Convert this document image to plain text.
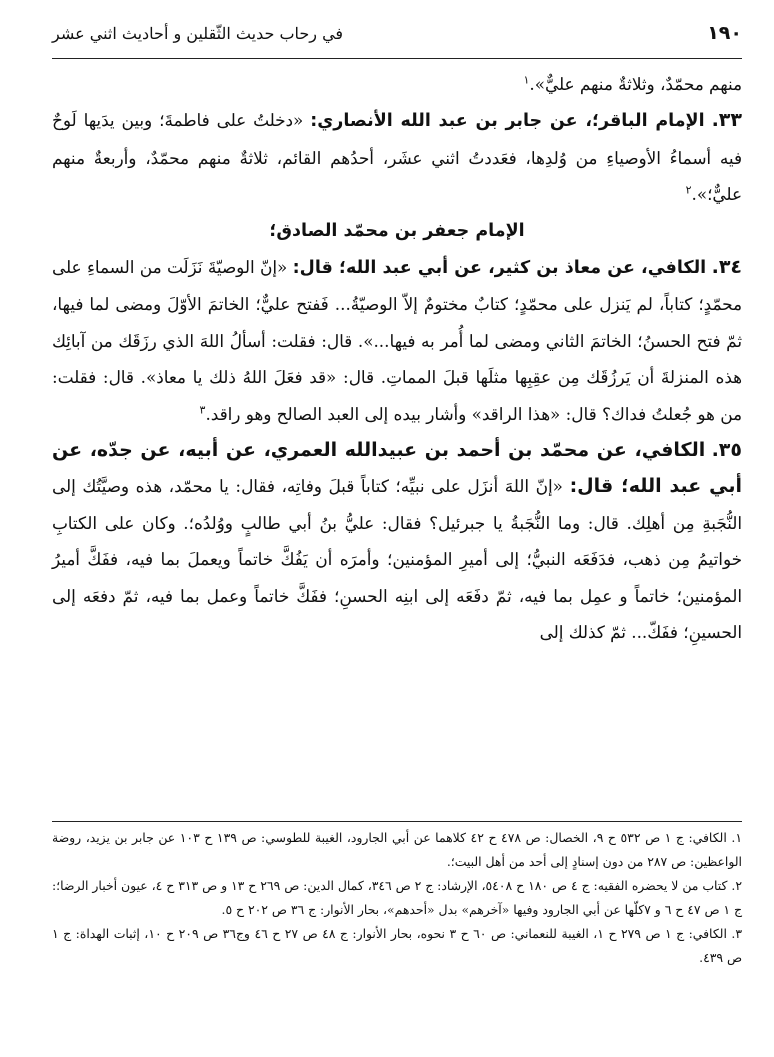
١٩٠
في رحاب حديث الثّقلين و أحاديث اثني عشر

منهم محمّدٌ، وثلاثةٌ منهم عليٌّ».$^١$

٣٣. الإمام الباقر؛، عن جابر بن عبد الله الأنصاري: «دخلتُ على فاطمةَ؛ وبين يدَيها لَوحٌ فيه أسماءُ الأوصياءِ من وُلدِها، فعَددتُ اثني عشَر، أحدُهم القائم، ثلاثةٌ منهم محمّدٌ، وأربعةٌ منهم عليٌّ؛».$^٢$

الإمام جعفر بن محمّد الصادق؛

٣٤. الكافي، عن معاذ بن كثير، عن أبي عبد الله؛ قال: «إنّ الوصيّةَ نَزَلَت من السماءِ على محمّدٍ؛ كتاباً، لم يَنزل على محمّدٍ؛ كتابٌ مختومٌ إلاّ الوصيّةُ... فَفتح عليٌّ؛ الخاتمَ الأوّلَ ومضى لما فيها، ثمّ فتح الحسنُ؛ الخاتمَ الثاني ومضى لما أُمر به فيها...». قال: فقلت: أسألُ اللهَ الذي رزَقَك من آبائِك هذه المنزلةَ أن يَرزُقَك مِن عقِبِها مثلَها قبلَ المماتِ. قال: «قد فعَلَ اللهُ ذلك يا معاذ». قال: فقلت: من هو جُعلتُ فداك؟ قال: «هذا الراقد» وأشار بيده إلى العبد الصالح وهو راقد.$^٣$

٣٥. الكافي، عن محمّد بن أحمد بن عبيدالله العمري، عن أبيه، عن جدّه، عن أبي عبد الله؛ قال: «إنّ اللهَ أنزَل على نبيِّه؛ كتاباً قبلَ وفاتِه، فقال: يا محمّد، هذه وصيَّتُك إلى النُّجَبةِ مِن أهلِك. قال: وما النُّجَبةُ يا جبرئيل؟ فقال: عليُّ بنُ أبي طالبٍ ووُلدُه؛. وكان على الكتابِ خواتيمُ مِن ذهب، فدَفَعَه النبيُّ؛ إلى أميرِ المؤمنين؛ وأمرَه أن يَفُكَّ خاتماً ويعملَ بما فيه، ففَكَّ أميرُ المؤمنين؛ خاتماً و عمِل بما فيه، ثمّ دفَعَه إلى ابنِه الحسنِ؛ ففَكَّ خاتماً وعمل بما فيه، ثمّ دفعَه إلى الحسينِ؛ ففَكّ... ثمّ كذلك إلى

١. الكافي: ج ١ ص ٥٣٢ ح ٩، الخصال: ص ٤٧٨ ح ٤٢ كلاهما عن أبي الجارود، الغيبة للطوسي: ص ١٣٩ ح ١٠٣ عن جابر بن يزيد، روضة الواعظين: ص ٢٨٧ من دون إسنادٍ إلى أحد من أهل البيت؛.

٢. كتاب من لا يحضره الفقيه: ج ٤ ص ١٨٠ ح ٥٤٠٨، الإرشاد: ج ٢ ص ٣٤٦، كمال الدين: ص ٢٦٩ ح ١٣ و ص ٣١٣ ح ٤، عيون أخبار الرضا؛: ج ١ ص ٤٧ ح ٦ و ٧كلّها عن أبي الجارود وفيها «آخرهم» بدل «أحدهم»، بحار الأنوار: ج ٣٦ ص ٢٠٢ ح ٥.

٣. الكافي: ج ١ ص ٢٧٩ ح ١، الغيبة للنعماني: ص ٦٠ ح ٣ نحوه، بحار الأنوار: ج ٤٨ ص ٢٧ ح ٤٦ وج٣٦ ص ٢٠٩ ح ١٠، إثبات الهداة: ج ١ ص ٤٣٩.
